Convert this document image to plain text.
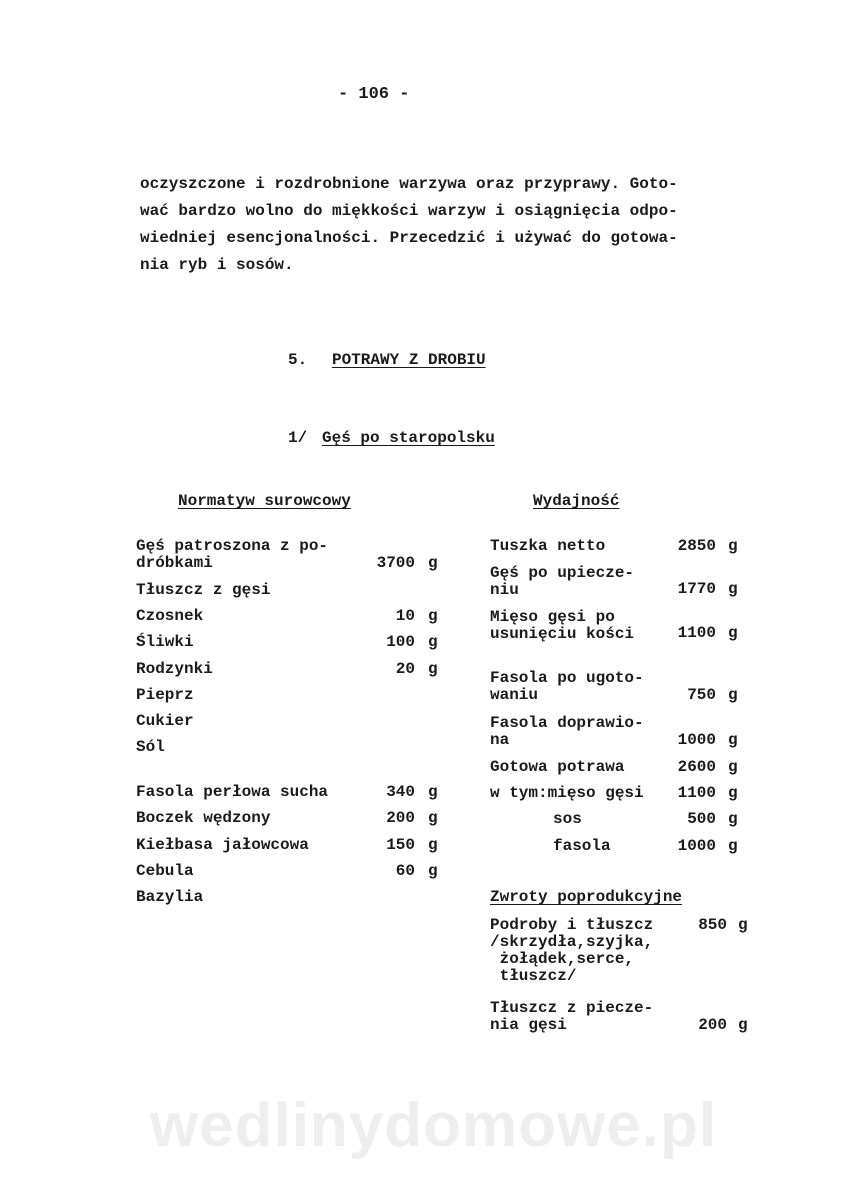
- 106 -
oczyszczone i rozdrobnione warzywa oraz przyprawy. Goto-
wać bardzo wolno do miękkości warzyw i osiągnięcia odpo-
wiedniej esencjonalności. Przecedzić i używać do gotowa-
nia ryb i sosów.
5. POTRAWY Z DROBIU
1/ Gęś po staropolsku
Normatyw surowcowy	Wydajność
Gęś patroszona z po-
dróbkami	3700 g
Tłuszcz z gęsi
Czosnek	10 g
Śliwki	100 g
Rodzynki	20 g
Pieprz
Cukier
Sól
Fasola perłowa sucha	340 g
Boczek wędzony	200 g
Kiełbasa jałowcowa	150 g
Cebula	60 g
Bazylia
Tuszka netto	2850 g
Gęś po upiecze-
niu	1770 g
Mięso gęsi po
usunięciu kości	1100 g
Fasola po ugoto-
waniu	750 g
Fasola doprawio-
na	1000 g
Gotowa potrawa	2600 g
w tym:mięso gęsi 1100 g
sos	500 g
fasola	1000 g
Zwroty poprodukcyjne
Podroby i tłuszcz
/skrzydła,szyjka,
żołądek,serce,
tłuszcz/
850 g
Tłuszcz z piecze-
nia gęsi	200 g
wedlinydomowe.pl
